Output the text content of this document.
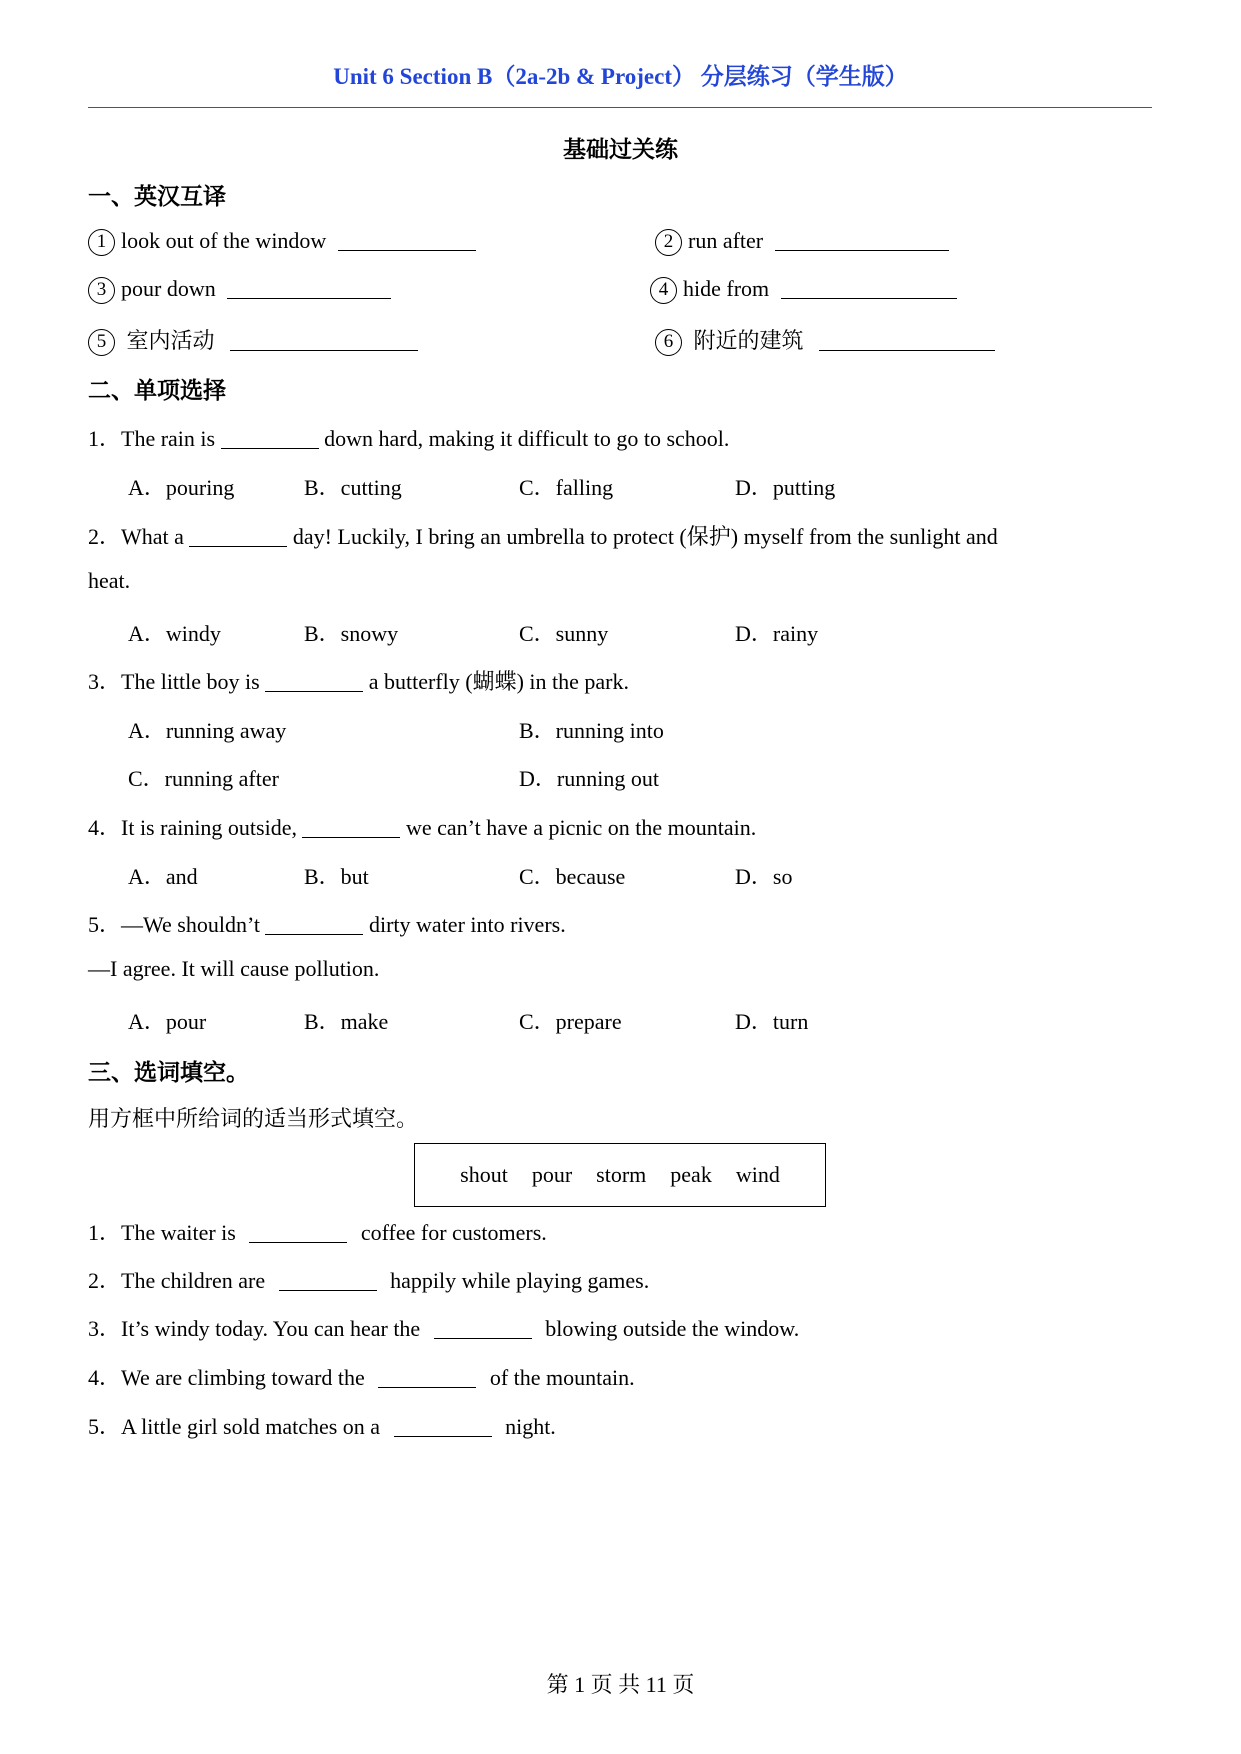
Unit 6 Section B（2a-2b & Project） 分层练习（学生版）
基础过关练
一、英汉互译
1 look out of the window	2 run after
3 pour down	4 hide from
5 室内活动	6 附近的建筑
二、单项选择
1．The rain is	down hard, making it difficult to go to school.
A．pouring	B．cutting	C．falling	D．putting
2．What a	day! Luckily, I bring an umbrella to protect (保护) myself from the sunlight and
heat.
A．windy	B．snowy	C．sunny	D．rainy
3．The little boy is	a butterfly (蝴蝶) in the park.
A．running away	B．running into
C．running after	D．running out
4．It is raining outside,	we can’t have a picnic on the mountain.
A．and	B．but	C．because	D．so
5．—We shouldn’t	dirty water into rivers.
—I agree. It will cause pollution.
A．pour	B．make	C．prepare	D．turn
三、选词填空。
用方框中所给词的适当形式填空。
shout pour storm peak wind
1．The waiter is	coffee for customers.
2．The children are	happily while playing games.
3．It’s windy today. You can hear the	blowing outside the window.
4．We are climbing toward the	of the mountain.
5．A little girl sold matches on a	night.
第 1 页 共 11 页
